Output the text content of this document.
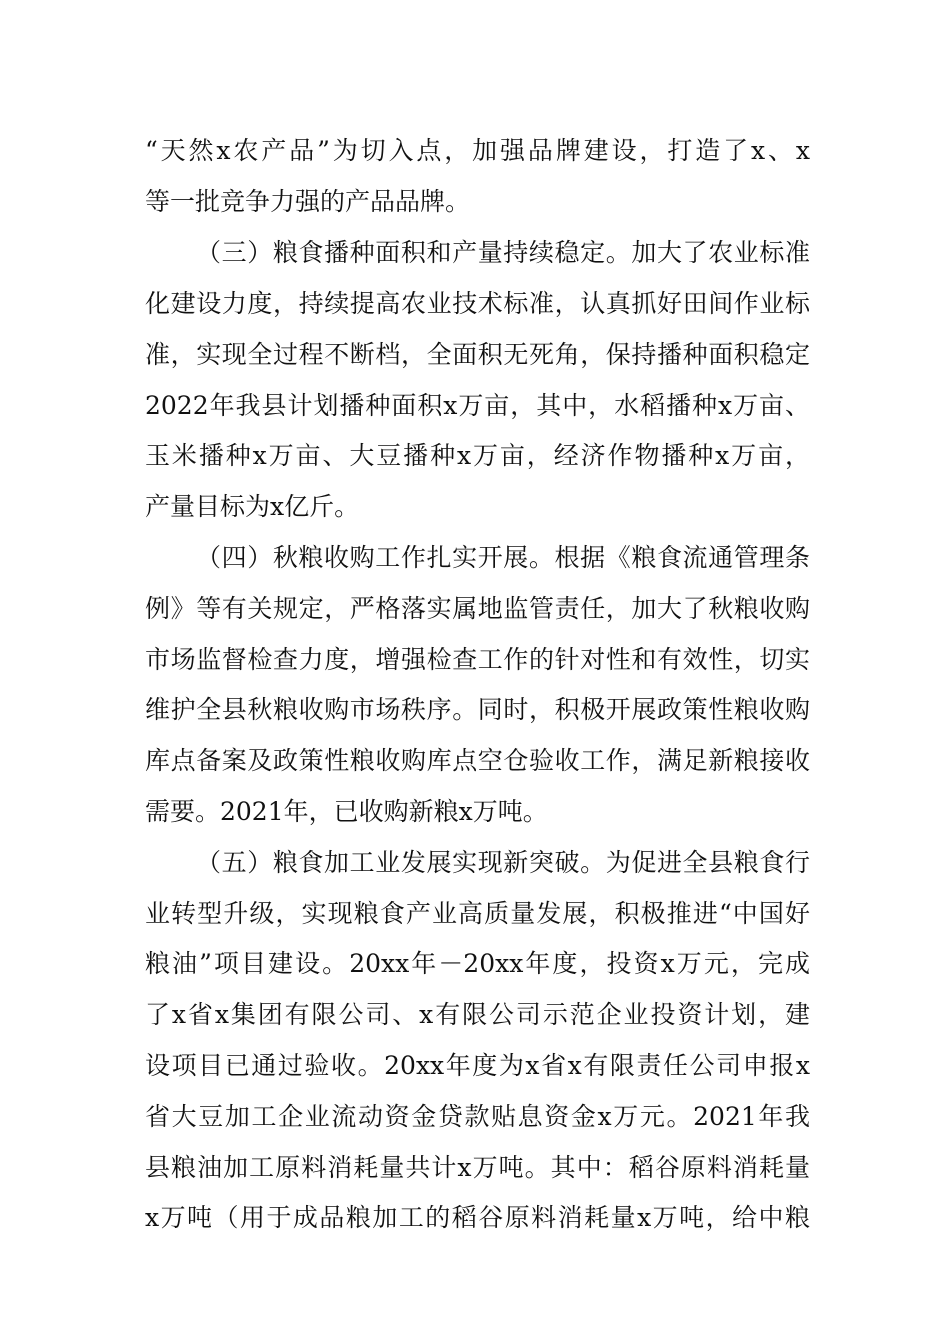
“天然x农产品”为切入点，加强品牌建设，打造了x、x
等一批竞争力强的产品品牌。
（三）粮食播种面积和产量持续稳定。加大了农业标准
化建设力度，持续提高农业技术标准，认真抓好田间作业标
准，实现全过程不断档，全面积无死角，保持播种面积稳定
2022年我县计划播种面积x万亩，其中，水稻播种x万亩、
玉米播种x万亩、大豆播种x万亩，经济作物播种x万亩，
产量目标为x亿斤。
（四）秋粮收购工作扎实开展。根据《粮食流通管理条
例》等有关规定，严格落实属地监管责任，加大了秋粮收购
市场监督检查力度，增强检查工作的针对性和有效性，切实
维护全县秋粮收购市场秩序。同时，积极开展政策性粮收购
库点备案及政策性粮收购库点空仓验收工作，满足新粮接收
需要。2021年，已收购新粮x万吨。
（五）粮食加工业发展实现新突破。为促进全县粮食行
业转型升级，实现粮食产业高质量发展，积极推进“中国好
粮油”项目建设。20xx年－20xx年度，投资x万元，完成
了x省x集团有限公司、x有限公司示范企业投资计划，建
设项目已通过验收。20xx年度为x省x有限责任公司申报x
省大豆加工企业流动资金贷款贴息资金x万元。2021年我
县粮油加工原料消耗量共计x万吨。其中：稻谷原料消耗量
x万吨（用于成品粮加工的稻谷原料消耗量x万吨，给中粮
